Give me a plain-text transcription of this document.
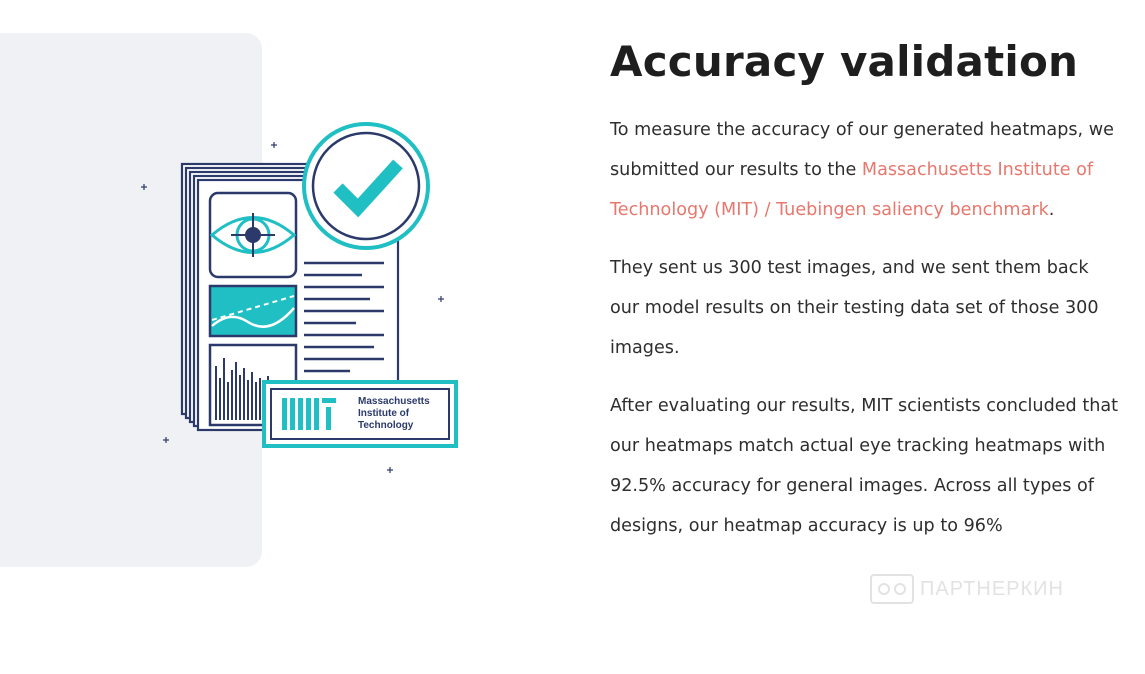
Massachusetts
Institute of
Technology
Accuracy validation

To measure the accuracy of our generated heatmaps, we submitted our results to the Massachusetts Institute of Technology (MIT) / Tuebingen saliency benchmark.

They sent us 300 test images, and we sent them back our model results on their testing data set of those 300 images.

After evaluating our results, MIT scientists concluded that our heatmaps match actual eye tracking heatmaps with 92.5% accuracy for general images. Across all types of designs, our heatmap accuracy is up to 96%

ПАРТНЕРКИН
